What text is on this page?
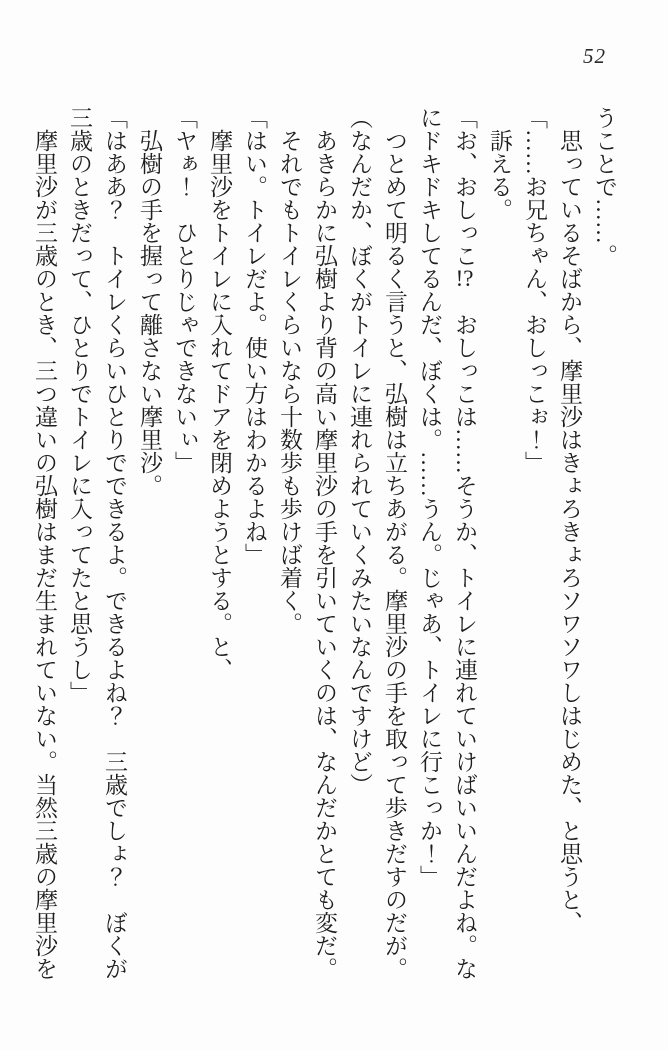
52
うことで……。
思っているそばから、摩里沙はきょろきょろソワソワしはじめた、と思うと、
「……お兄ちゃん、おしっこぉ！」
訴える。
「お、おしっこ!?　おしっこは……そうか、トイレに連れていけばいいんだよね。なにドキドキしてるんだ、ぼくは。……うん。じゃあ、トイレに行こっか！」
つとめて明るく言うと、弘樹は立ちあがる。摩里沙の手を取って歩きだすのだが。
（なんだか、ぼくがトイレに連れられていくみたいなんですけど）
あきらかに弘樹より背の高い摩里沙の手を引いていくのは、なんだかとても変だ。
それでもトイレくらいなら十数歩も歩けば着く。
「はい。トイレだよ。使い方はわかるよね」
摩里沙をトイレに入れてドアを閉めようとする。と、
「ヤぁ！　ひとりじゃできないぃ」
弘樹の手を握って離さない摩里沙。
「はああ？　トイレくらいひとりでできるよ。できるよね？　三歳でしょ？　ぼくが三歳のときだって、ひとりでトイレに入ってたと思うし」
摩里沙が三歳のとき、三つ違いの弘樹はまだ生まれていない。当然三歳の摩里沙を
